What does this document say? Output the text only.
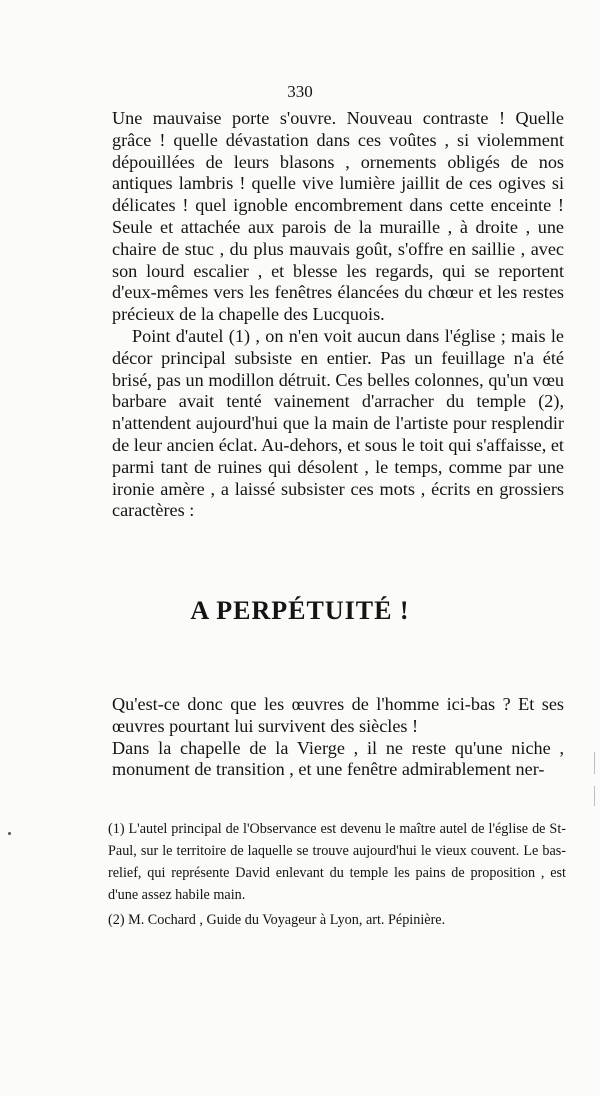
330

Une mauvaise porte s'ouvre. Nouveau contraste ! Quelle grâce ! quelle dévastation dans ces voûtes , si violemment dépouillées de leurs blasons , ornements obligés de nos antiques lambris ! quelle vive lumière jaillit de ces ogives si délicates ! quel ignoble encombrement dans cette enceinte ! Seule et attachée aux parois de la muraille , à droite , une chaire de stuc , du plus mauvais goût, s'offre en saillie , avec son lourd escalier , et blesse les regards, qui se reportent d'eux-mêmes vers les fenêtres élancées du chœur et les restes précieux de la chapelle des Lucquois.

Point d'autel (1) , on n'en voit aucun dans l'église ; mais le décor principal subsiste en entier. Pas un feuillage n'a été brisé, pas un modillon détruit. Ces belles colonnes, qu'un vœu barbare avait tenté vainement d'arracher du temple (2), n'attendent aujourd'hui que la main de l'artiste pour resplendir de leur ancien éclat. Au-dehors, et sous le toit qui s'affaisse, et parmi tant de ruines qui désolent , le temps, comme par une ironie amère , a laissé subsister ces mots , écrits en grossiers caractères :

A PERPÉTUITÉ !

Qu'est-ce donc que les œuvres de l'homme ici-bas ? Et ses œuvres pourtant lui survivent des siècles !

Dans la chapelle de la Vierge , il ne reste qu'une niche , monument de transition , et une fenêtre admirablement ner-

(1) L'autel principal de l'Observance est devenu le maître autel de l'église de St-Paul, sur le territoire de laquelle se trouve aujourd'hui le vieux couvent. Le bas-relief, qui représente David enlevant du temple les pains de proposition , est d'une assez habile main.

(2) M. Cochard , Guide du Voyageur à Lyon, art. Pépinière.
